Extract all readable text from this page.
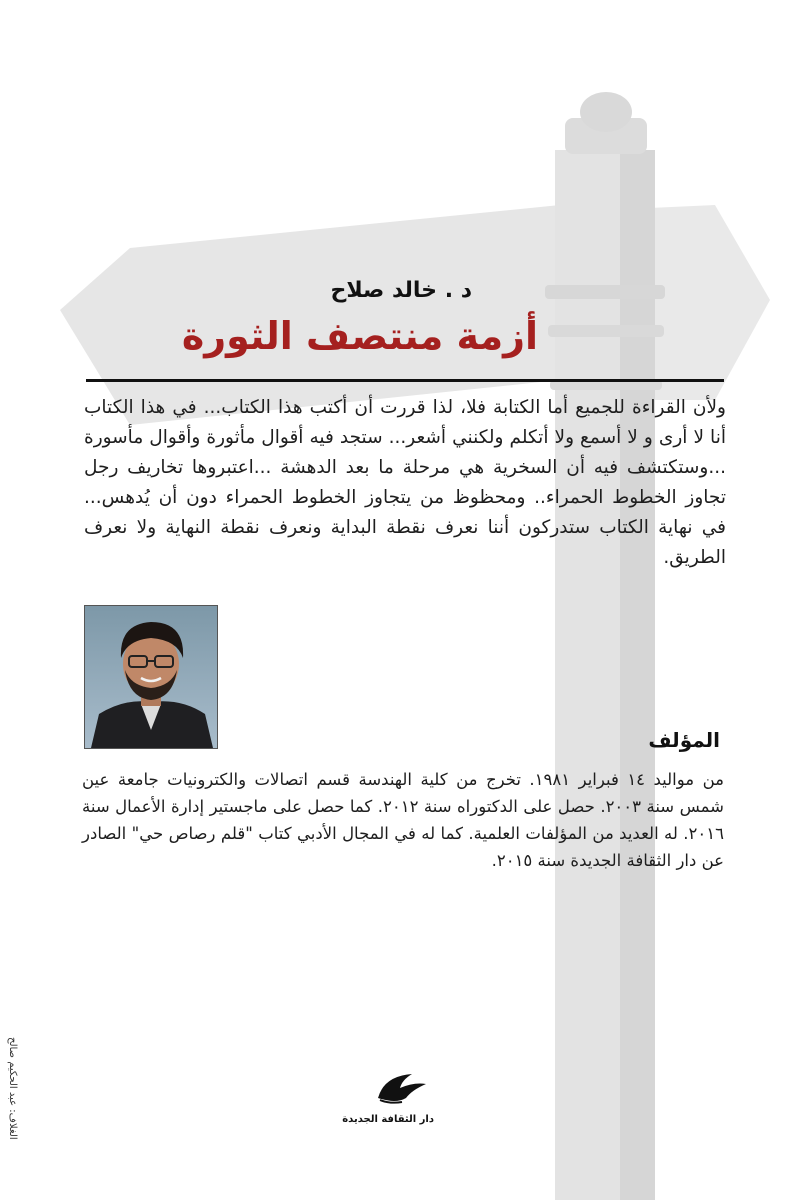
د . خالد صلاح
أزمة منتصف الثورة
ولأن القراءة للجميع أما الكتابة فلا، لذا قررت أن أكتب هذا الكتاب... في هذا الكتاب أنا لا أرى و لا أسمع ولا أتكلم ولكنني أشعر... ستجد فيه أقوال مأثورة وأقوال مأسورة ...وستكتشف فيه أن السخرية هي مرحلة ما بعد الدهشة ...اعتبروها تخاريف رجل تجاوز الخطوط الحمراء.. ومحظوظ من يتجاوز الخطوط الحمراء دون أن يُدهس... في نهاية الكتاب ستدركون أننا نعرف نقطة البداية ونعرف نقطة النهاية ولا نعرف الطريق.
المؤلف
من مواليد ١٤ فبراير ١٩٨١. تخرج من كلية الهندسة قسم اتصالات والكترونيات جامعة عين شمس سنة ٢٠٠٣. حصل على الدكتوراه سنة ٢٠١٢. كما حصل على ماجستير إدارة الأعمال سنة ٢٠١٦. له العديد من المؤلفات العلمية. كما له في المجال الأدبي كتاب "قلم رصاص حي" الصادر عن دار الثقافة الجديدة سنة ٢٠١٥.
الغلاف: عبد الحكيم صالح	دار الثقافة الجديدة
